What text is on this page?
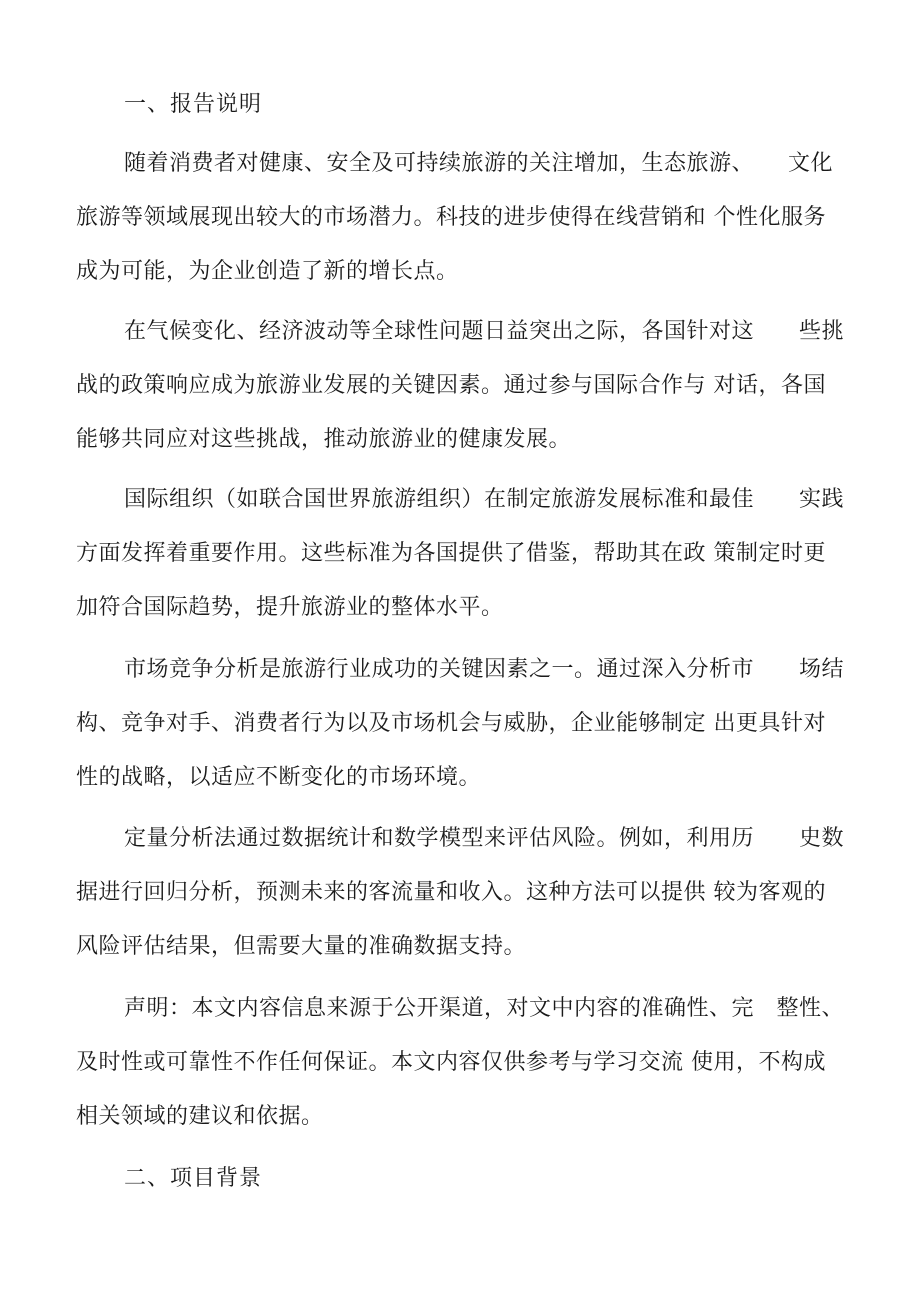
一、报告说明
随着消费者对健康、安全及可持续旅游的关注增加，生态旅游、　　文化
旅游等领域展现出较大的市场潜力。科技的进步使得在线营销和 个性化服务
成为可能，为企业创造了新的增长点。
在气候变化、经济波动等全球性问题日益突出之际，各国针对这　　些挑
战的政策响应成为旅游业发展的关键因素。通过参与国际合作与 对话，各国
能够共同应对这些挑战，推动旅游业的健康发展。
国际组织（如联合国世界旅游组织）在制定旅游发展标准和最佳　　实践
方面发挥着重要作用。这些标准为各国提供了借鉴，帮助其在政 策制定时更
加符合国际趋势，提升旅游业的整体水平。
市场竞争分析是旅游行业成功的关键因素之一。通过深入分析市　　场结
构、竞争对手、消费者行为以及市场机会与威胁，企业能够制定 出更具针对
性的战略，以适应不断变化的市场环境。
定量分析法通过数据统计和数学模型来评估风险。例如，利用历　　史数
据进行回归分析，预测未来的客流量和收入。这种方法可以提供 较为客观的
风险评估结果，但需要大量的准确数据支持。
声明：本文内容信息来源于公开渠道，对文中内容的准确性、完　整性、
及时性或可靠性不作任何保证。本文内容仅供参考与学习交流 使用，不构成
相关领域的建议和依据。
二、项目背景
